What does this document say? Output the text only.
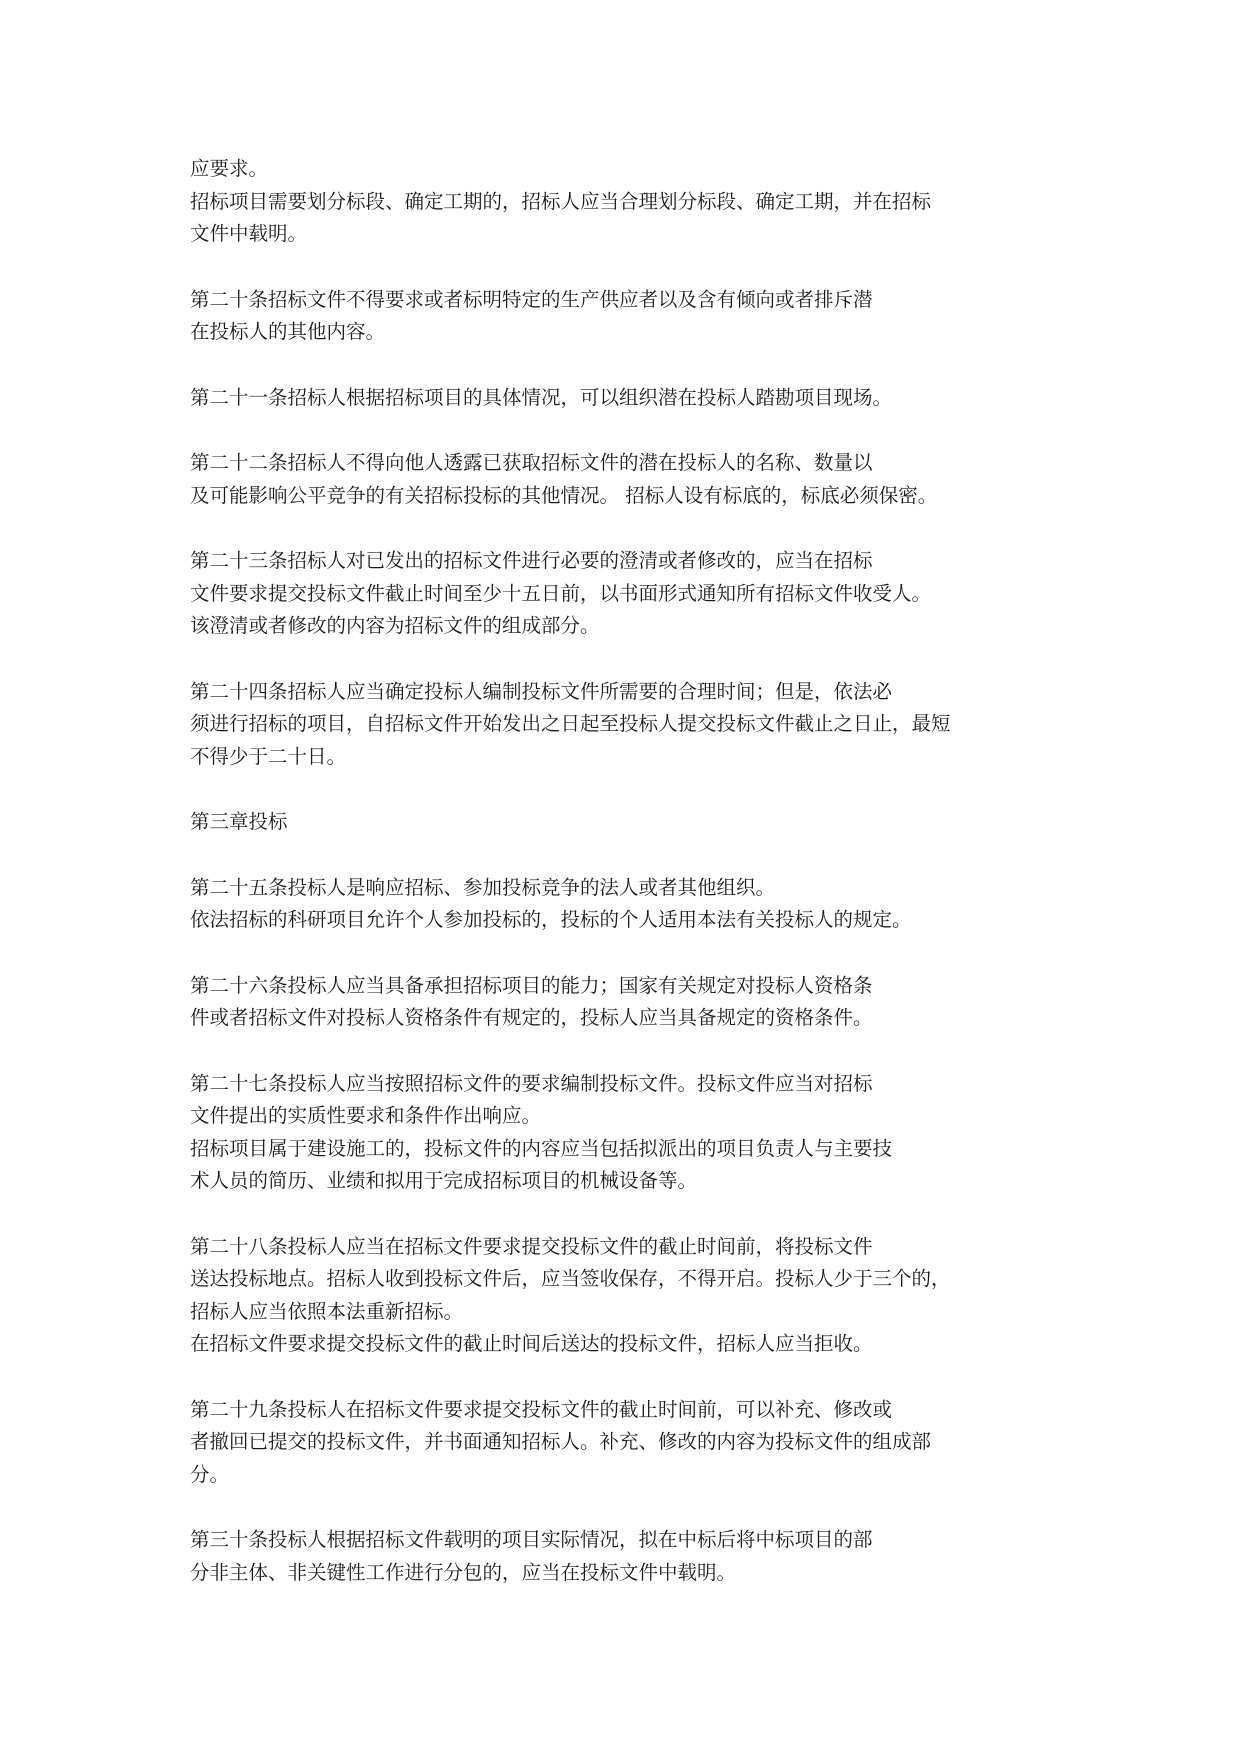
应要求。
招标项目需要划分标段、确定工期的，招标人应当合理划分标段、确定工期，并在招标
文件中载明。
第二十条招标文件不得要求或者标明特定的生产供应者以及含有倾向或者排斥潜
在投标人的其他内容。
第二十一条招标人根据招标项目的具体情况，可以组织潜在投标人踏勘项目现场。
第二十二条招标人不得向他人透露已获取招标文件的潜在投标人的名称、数量以
及可能影响公平竞争的有关招标投标的其他情况。 招标人设有标底的，标底必须保密。
第二十三条招标人对已发出的招标文件进行必要的澄清或者修改的，应当在招标
文件要求提交投标文件截止时间至少十五日前，以书面形式通知所有招标文件收受人。
该澄清或者修改的内容为招标文件的组成部分。
第二十四条招标人应当确定投标人编制投标文件所需要的合理时间；但是，依法必
须进行招标的项目，自招标文件开始发出之日起至投标人提交投标文件截止之日止，最短
不得少于二十日。
第三章投标
第二十五条投标人是响应招标、参加投标竞争的法人或者其他组织。
依法招标的科研项目允许个人参加投标的，投标的个人适用本法有关投标人的规定。
第二十六条投标人应当具备承担招标项目的能力；国家有关规定对投标人资格条
件或者招标文件对投标人资格条件有规定的，投标人应当具备规定的资格条件。
第二十七条投标人应当按照招标文件的要求编制投标文件。投标文件应当对招标
文件提出的实质性要求和条件作出响应。
招标项目属于建设施工的，投标文件的内容应当包括拟派出的项目负责人与主要技
术人员的简历、业绩和拟用于完成招标项目的机械设备等。
第二十八条投标人应当在招标文件要求提交投标文件的截止时间前，将投标文件
送达投标地点。招标人收到投标文件后，应当签收保存，不得开启。投标人少于三个的，
招标人应当依照本法重新招标。
在招标文件要求提交投标文件的截止时间后送达的投标文件，招标人应当拒收。
第二十九条投标人在招标文件要求提交投标文件的截止时间前，可以补充、修改或
者撤回已提交的投标文件，并书面通知招标人。补充、修改的内容为投标文件的组成部
分。
第三十条投标人根据招标文件载明的项目实际情况，拟在中标后将中标项目的部
分非主体、非关键性工作进行分包的，应当在投标文件中载明。
